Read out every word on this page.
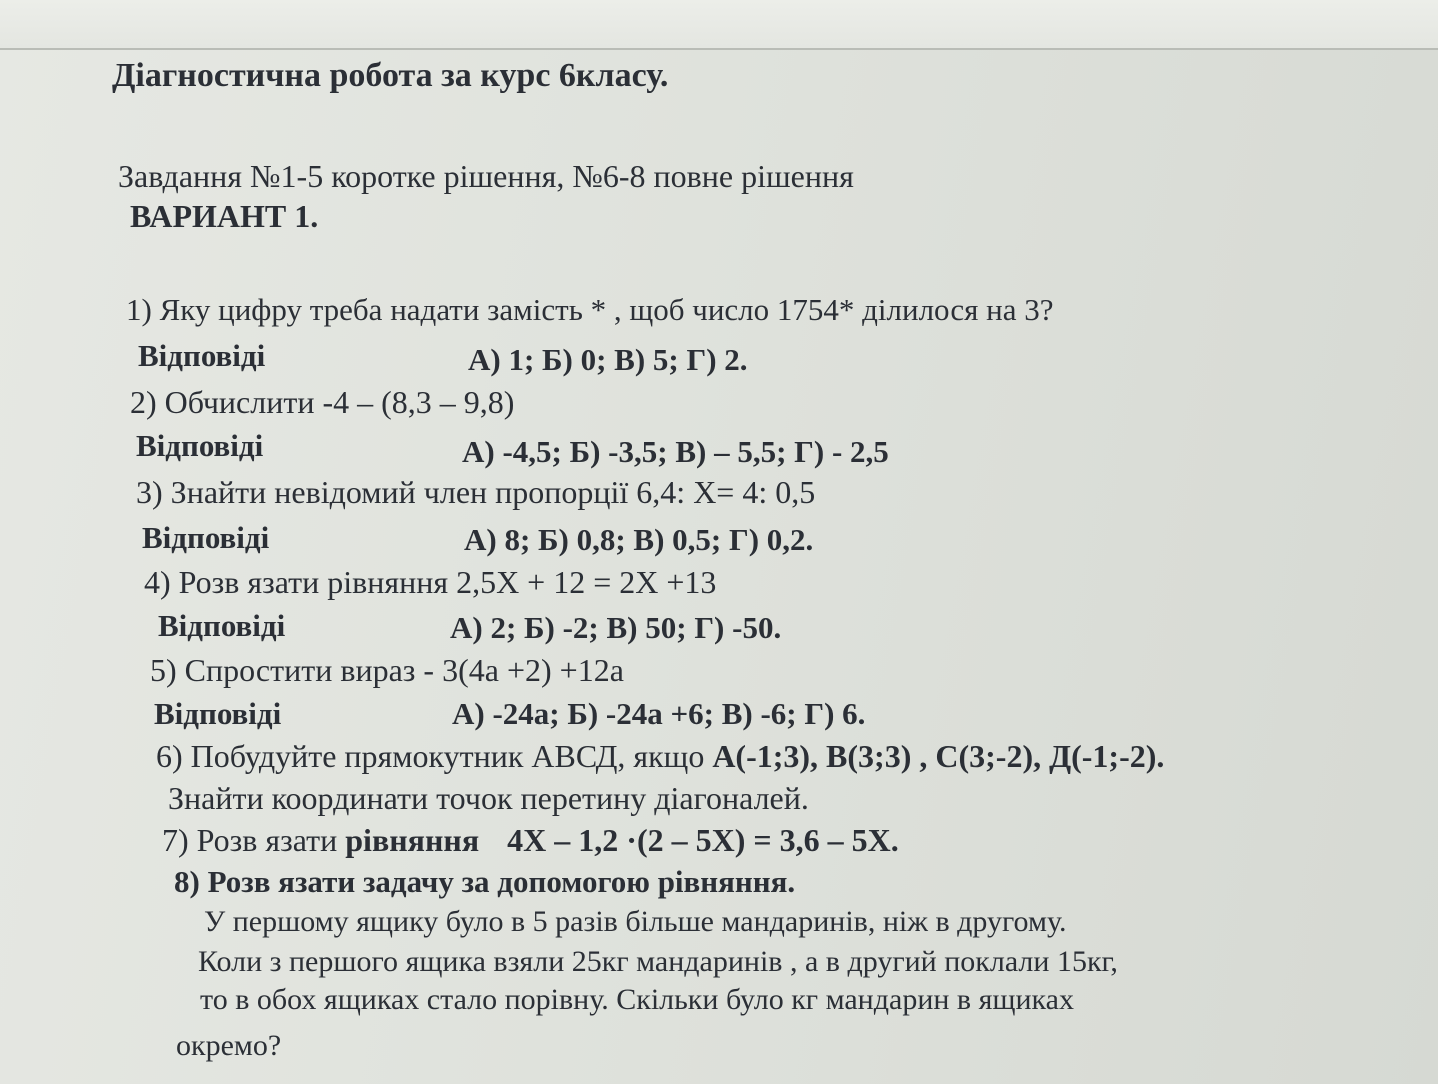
Діагностична робота за курс 6класу.
Завдання №1-5 коротке рішення, №6-8 повне рішення
ВАРИАНТ 1.
1) Яку цифру треба надати замість * , щоб число 1754* ділилося на 3?
Відповіді	А) 1; Б) 0; В) 5; Г) 2.
2) Обчислити -4 – (8,3 – 9,8)
Відповіді	А) -4,5; Б) -3,5; В) – 5,5; Г) - 2,5
3) Знайти невідомий член пропорції 6,4: Х= 4: 0,5
Відповіді	А) 8; Б) 0,8; В) 0,5; Г) 0,2.
4) Розв язати рівняння 2,5Х + 12 = 2Х +13
Відповіді	А) 2; Б) -2; В) 50; Г) -50.
5) Спростити вираз - 3(4а +2) +12а
Відповіді	А) -24а; Б) -24а +6; В) -6; Г) 6.
6) Побудуйте прямокутник АВСД, якщо А(-1;3), В(3;3) , С(3;-2), Д(-1;-2).
Знайти координати точок перетину діагоналей.
7) Розв язати рівняння 4Х – 1,2 ·(2 – 5Х) = 3,6 – 5Х.
8) Розв язати задачу за допомогою рівняння.
У першому ящику було в 5 разів більше мандаринів, ніж в другому.
Коли з першого ящика взяли 25кг мандаринів , а в другий поклали 15кг,
то в обох ящиках стало порівну. Скільки було кг мандарин в ящиках
окремо?
